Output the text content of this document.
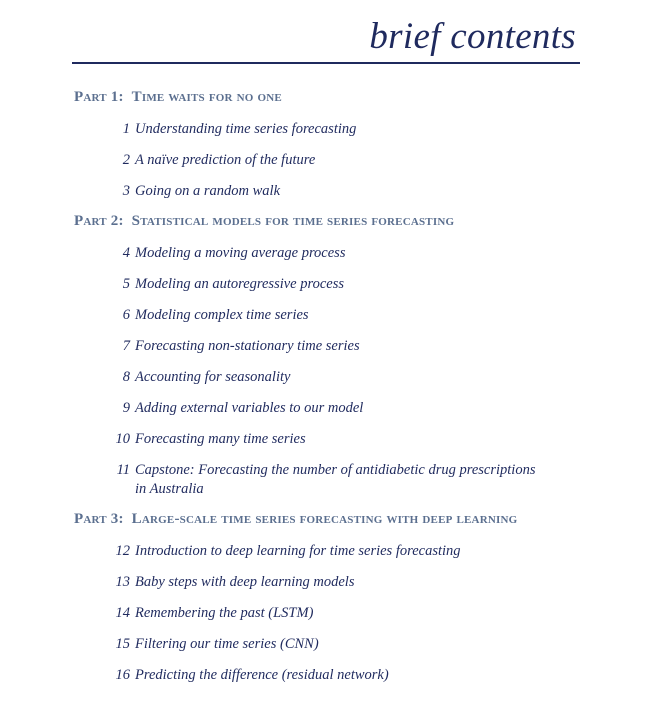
brief contents
Part 1: Time waits for no one
1 Understanding time series forecasting
2 A naïve prediction of the future
3 Going on a random walk
Part 2: Statistical models for time series forecasting
4 Modeling a moving average process
5 Modeling an autoregressive process
6 Modeling complex time series
7 Forecasting non-stationary time series
8 Accounting for seasonality
9 Adding external variables to our model
10 Forecasting many time series
11 Capstone: Forecasting the number of antidiabetic drug prescriptions in Australia
Part 3: Large-scale time series forecasting with deep learning
12 Introduction to deep learning for time series forecasting
13 Baby steps with deep learning models
14 Remembering the past (LSTM)
15 Filtering our time series (CNN)
16 Predicting the difference (residual network)
